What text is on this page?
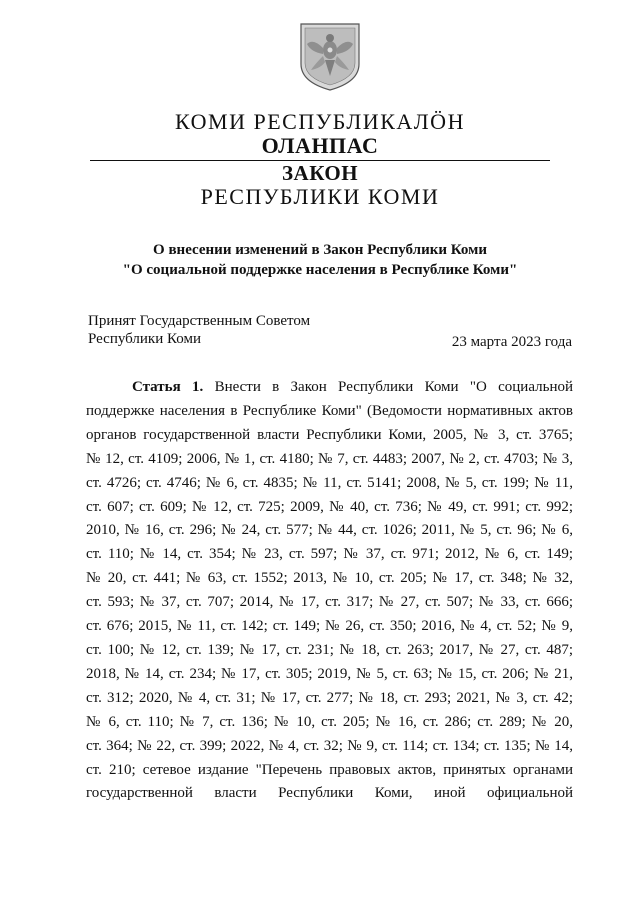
КОМИ РЕСПУБЛИКАЛÖН
ОЛАНПАС
ЗАКОН
РЕСПУБЛИКИ КОМИ
О внесении изменений в Закон Республики Коми
"О социальной поддержке населения в Республике Коми"
Принят Государственным Советом
Республики Коми	23 марта 2023 года
Статья 1. Внести в Закон Республики Коми "О социальной
поддержке населения в Республике Коми" (Ведомости нормативных актов
органов государственной власти Республики Коми, 2005, № 3, ст. 3765;
№ 12, ст. 4109; 2006, № 1, ст. 4180; № 7, ст. 4483; 2007, № 2, ст. 4703; № 3,
ст. 4726; ст. 4746; № 6, ст. 4835; № 11, ст. 5141; 2008, № 5, ст. 199; № 11,
ст. 607; ст. 609; № 12, ст. 725; 2009, № 40, ст. 736; № 49, ст. 991; ст. 992;
2010, № 16, ст. 296; № 24, ст. 577; № 44, ст. 1026; 2011, № 5, ст. 96; № 6,
ст. 110; № 14, ст. 354; № 23, ст. 597; № 37, ст. 971; 2012, № 6, ст. 149;
№ 20, ст. 441; № 63, ст. 1552; 2013, № 10, ст. 205; № 17, ст. 348; № 32,
ст. 593; № 37, ст. 707; 2014, № 17, ст. 317; № 27, ст. 507; № 33, ст. 666;
ст. 676; 2015, № 11, ст. 142; ст. 149; № 26, ст. 350; 2016, № 4, ст. 52; № 9,
ст. 100; № 12, ст. 139; № 17, ст. 231; № 18, ст. 263; 2017, № 27, ст. 487;
2018, № 14, ст. 234; № 17, ст. 305; 2019, № 5, ст. 63; № 15, ст. 206; № 21,
ст. 312; 2020, № 4, ст. 31; № 17, ст. 277; № 18, ст. 293; 2021, № 3, ст. 42;
№ 6, ст. 110; № 7, ст. 136; № 10, ст. 205; № 16, ст. 286; ст. 289; № 20,
ст. 364; № 22, ст. 399; 2022, № 4, ст. 32; № 9, ст. 114; ст. 134; ст. 135; № 14,
ст. 210; сетевое издание "Перечень правовых актов, принятых органами
государственной власти Республики Коми, иной официальной
